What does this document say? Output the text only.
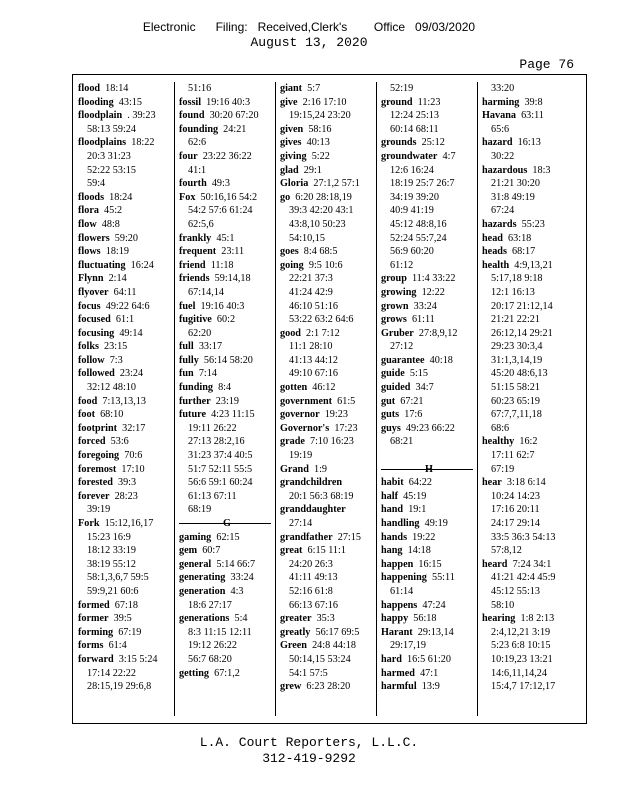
Electronic      Filing:   Received,Clerk's        Office   09/03/2020
August 13, 2020
Page 76
flood  18:14
flooding  43:15
floodplain  . 39:23
58:13 59:24
floodplains  18:22
20:3 31:23
52:22 53:15
59:4
floods  18:24
flora  45:2
flow  48:8
flowers  59:20
flows  18:19
fluctuating  16:24
Flynn  2:14
flyover  64:11
focus  49:22 64:6
focused  61:1
focusing  49:14
folks  23:15
follow  7:3
followed  23:24
32:12 48:10
food  7:13,13,13
foot  68:10
footprint  32:17
forced  53:6
foregoing  70:6
foremost  17:10
forested  39:3
forever  28:23
39:19
Fork  15:12,16,17
15:23 16:9
18:12 33:19
38:19 55:12
58:1,3,6,7 59:5
59:9,21 60:6
formed  67:18
former  39:5
forming  67:19
forms  61:4
forward  3:15 5:24
17:14 22:22
28:15,19 29:6,8
51:16
fossil  19:16 40:3
found  30:20 67:20
founding  24:21
62:6
four  23:22 36:22
41:1
fourth  49:3
Fox  50:16,16 54:2
54:2 57:6 61:24
62:5,6
frankly  45:1
frequent  23:11
friend  11:18
friends  59:14,18
67:14,14
fuel  19:16 40:3
fugitive  60:2
62:20
full  33:17
fully  56:14 58:20
fun  7:14
funding  8:4
further  23:19
future  4:23 11:15
19:11 26:22
27:13 28:2,16
31:23 37:4 40:5
51:7 52:11 55:5
56:6 59:1 60:24
61:13 67:11
68:19
G
gaming  62:15
gem  60:7
general  5:14 66:7
generating  33:24
generation  4:3
18:6 27:17
generations  5:4
8:3 11:15 12:11
19:12 26:22
56:7 68:20
getting  67:1,2
giant  5:7
give  2:16 17:10
19:15,24 23:20
given  58:16
gives  40:13
giving  5:22
glad  29:1
Gloria  27:1,2 57:1
go  6:20 28:18,19
39:3 42:20 43:1
43:8,10 50:23
54:10,15
goes  8:4 68:5
going  9:5 10:6
22:21 37:3
41:24 42:9
46:10 51:16
53:22 63:2 64:6
good  2:1 7:12
11:1 28:10
41:13 44:12
49:10 67:16
gotten  46:12
government  61:5
governor  19:23
Governor's  17:23
grade  7:10 16:23
19:19
Grand  1:9
grandchildren
20:1 56:3 68:19
granddaughter
27:14
grandfather  27:15
great  6:15 11:1
24:20 26:3
41:11 49:13
52:16 61:8
66:13 67:16
greater  35:3
greatly  56:17 69:5
Green  24:8 44:18
50:14,15 53:24
54:1 57:5
grew  6:23 28:20
52:19
ground  11:23
12:24 25:13
60:14 68:11
grounds  25:12
groundwater  4:7
12:6 16:24
18:19 25:7 26:7
34:19 39:20
40:9 41:19
45:12 48:8,16
52:24 55:7,24
56:9 60:20
61:12
group  11:4 33:22
growing  12:22
grown  33:24
grows  61:11
Gruber  27:8,9,12
27:12
guarantee  40:18
guide  5:15
guided  34:7
gut  67:21
guts  17:6
guys  49:23 66:22
68:21
H
habit  64:22
half  45:19
hand  19:1
handling  49:19
hands  19:22
hang  14:18
happen  16:15
happening  55:11
61:14
happens  47:24
happy  56:18
Harant  29:13,14
29:17,19
hard  16:5 61:20
harmed  47:1
harmful  13:9
33:20
harming  39:8
Havana  63:11
65:6
hazard  16:13
30:22
hazardous  18:3
21:21 30:20
31:8 49:19
67:24
hazards  55:23
head  63:18
heads  68:17
health  4:9,13,21
5:17,18 9:18
12:1 16:13
20:17 21:12,14
21:21 22:21
26:12,14 29:21
29:23 30:3,4
31:1,3,14,19
45:20 48:6,13
51:15 58:21
60:23 65:19
67:7,7,11,18
68:6
healthy  16:2
17:11 62:7
67:19
hear  3:18 6:14
10:24 14:23
17:16 20:11
24:17 29:14
33:5 36:3 54:13
57:8,12
heard  7:24 34:1
41:21 42:4 45:9
45:12 55:13
58:10
hearing  1:8 2:13
2:4,12,21 3:19
5:23 6:8 10:15
10:19,23 13:21
14:6,11,14,24
15:4,7 17:12,17
L.A. Court Reporters, L.L.C.
312-419-9292
